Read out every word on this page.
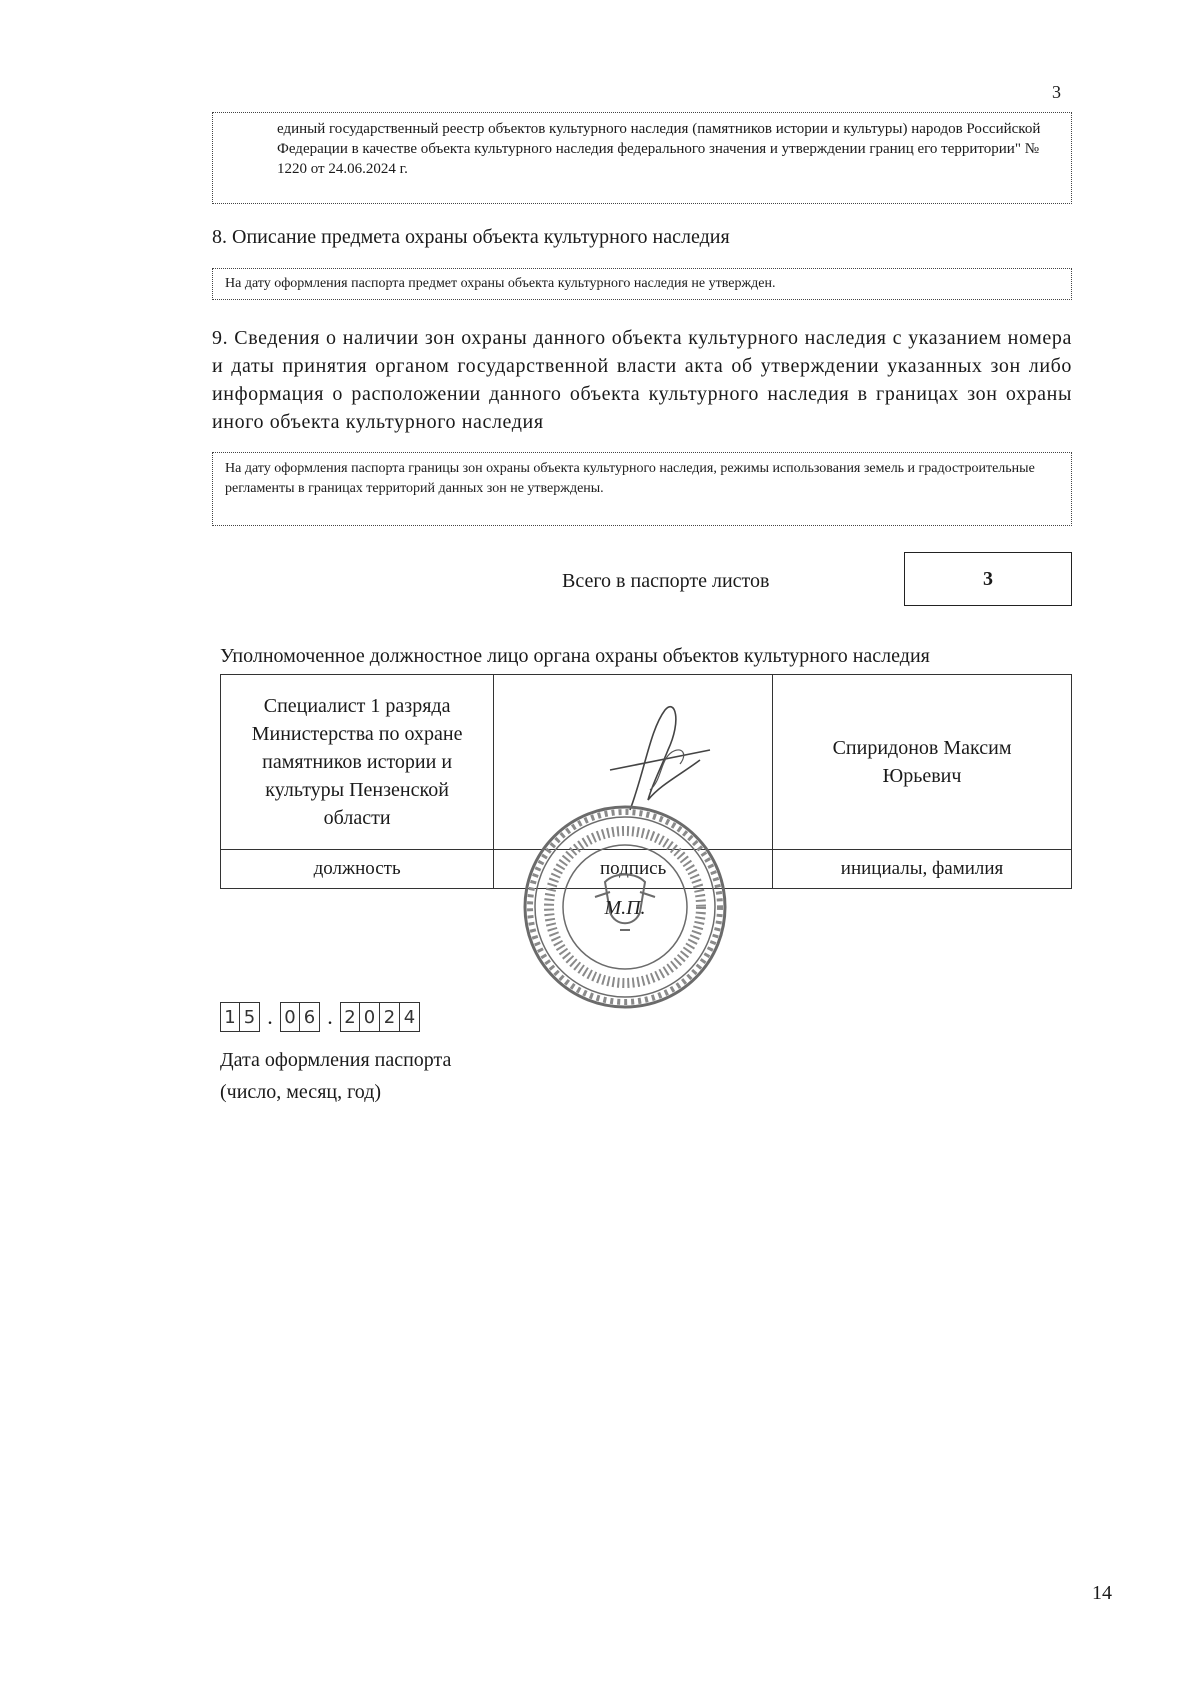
3
единый государственный реестр объектов культурного наследия (памятников истории и культуры) народов Российской Федерации в качестве объекта культурного наследия федерального значения и утверждении границ его территории" № 1220 от 24.06.2024 г.
8. Описание предмета охраны объекта культурного наследия
На дату оформления паспорта предмет охраны объекта культурного наследия не утвержден.
9. Сведения о наличии зон охраны данного объекта культурного наследия с указанием номера и даты принятия органом государственной власти акта об утверждении указанных зон либо информация о расположении данного объекта культурного наследия в границах зон охраны иного объекта культурного наследия
На дату оформления паспорта границы зон охраны объекта культурного наследия, режимы использования земель и градостроительные регламенты в границах территорий данных зон не утверждены.
Всего в паспорте листов	3
Уполномоченное должностное лицо органа охраны объектов культурного наследия
Специалист 1 разряда
Министерства по охране
памятников истории и
культуры Пензенской
области		Спиридонов Максим
Юрьевич

должность	подпись	инициалы, фамилия
М.П.
1 5 . 0 6 . 2 0 2 4
Дата оформления паспорта
(число, месяц, год)
14
